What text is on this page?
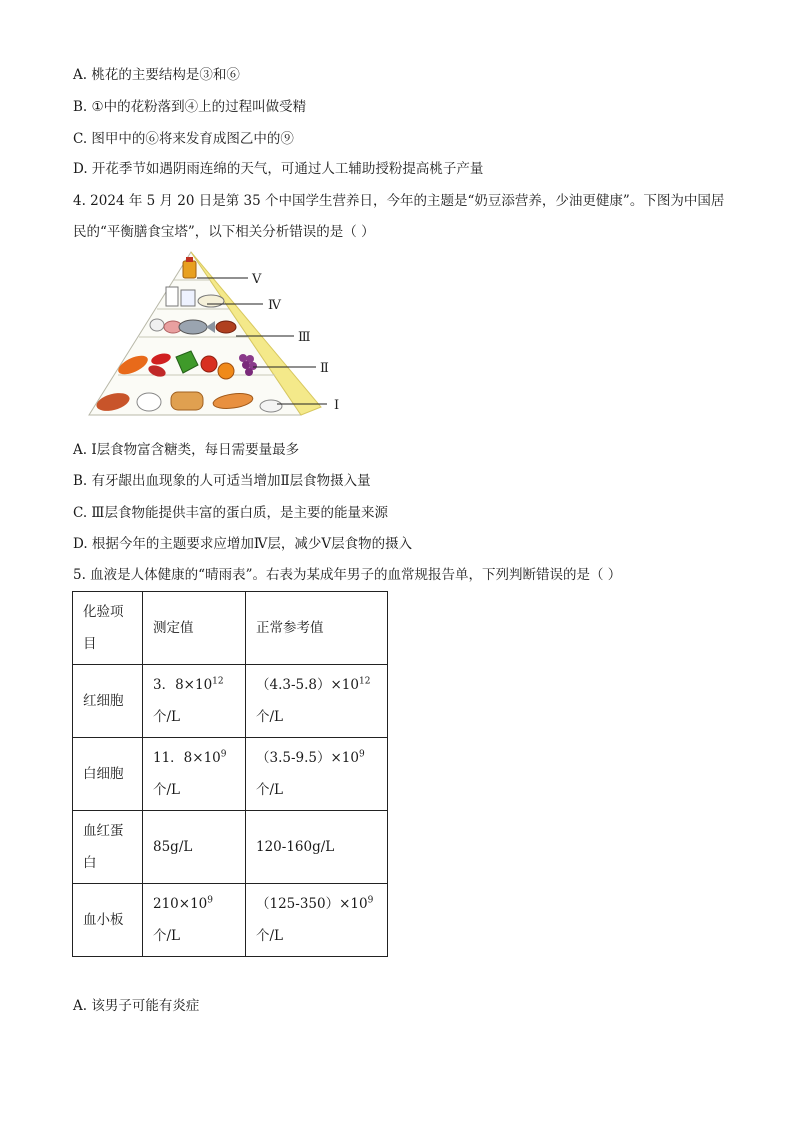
A. 桃花的主要结构是③和⑥
B. ①中的花粉落到④上的过程叫做受精
C. 图甲中的⑥将来发育成图乙中的⑨
D. 开花季节如遇阴雨连绵的天气，可通过人工辅助授粉提高桃子产量
4. 2024 年 5 月 20 日是第 35 个中国学生营养日，今年的主题是“奶豆添营养，少油更健康”。下图为中国居
民的“平衡膳食宝塔”，以下相关分析错误的是（ ）
Ⅴ
Ⅳ
Ⅲ
Ⅱ
Ⅰ
A. Ⅰ层食物富含糖类，每日需要量最多
B. 有牙龈出血现象的人可适当增加Ⅱ层食物摄入量
C. Ⅲ层食物能提供丰富的蛋白质，是主要的能量来源
D. 根据今年的主题要求应增加Ⅳ层，减少Ⅴ层食物的摄入
5. 血液是人体健康的“晴雨表”。右表为某成年男子的血常规报告单，下列判断错误的是（ ）
化验项目	测定值	正常参考值
红细胞	3．$8\times 10^{12}$个/L	$(4.3-5.8)\times 10^{12}$个/L
白细胞	11．$8\times 10^9$个/L	$(3.5-9.5)\times 10^9$个/L
血红蛋白	85g/L	120-160g/L
血小板	$210\times 10^9$个/L	$(125-350)\times 10^9$个/L
A. 该男子可能有炎症
